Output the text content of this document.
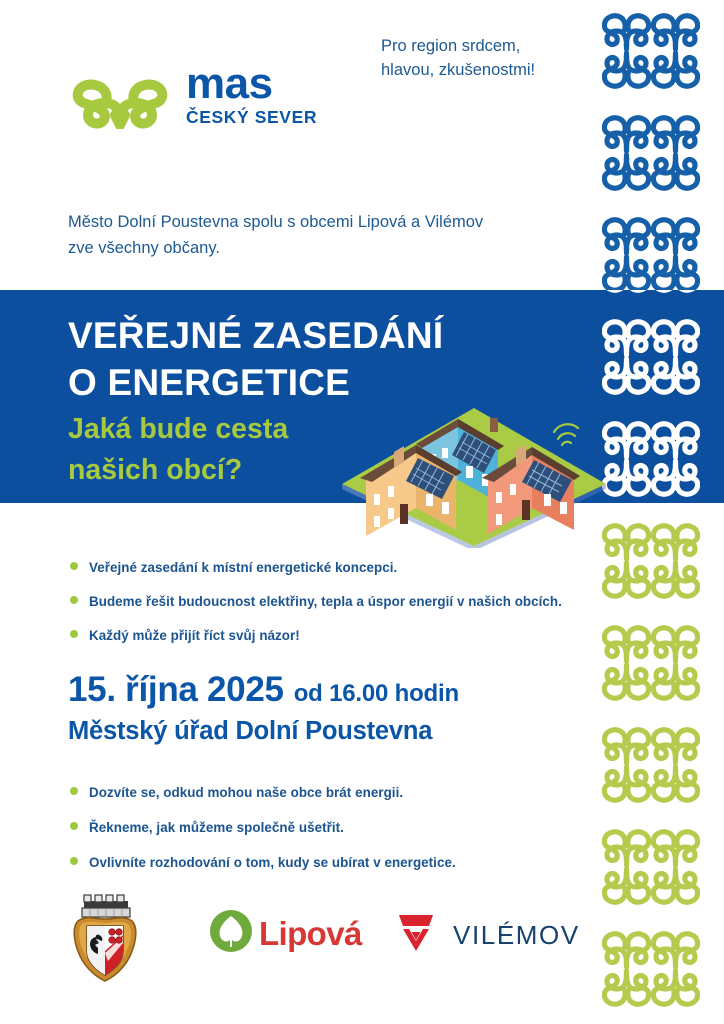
mas
ČESKÝ SEVER
Pro region srdcem,
hlavou, zkušenostmi!
Město Dolní Poustevna spolu s obcemi Lipová a Vilémov
zve všechny občany.
VEŘEJNÉ ZASEDÁNÍ
O ENERGETICE
Jaká bude cesta
našich obcí?
Veřejné zasedání k místní energetické koncepci.
Budeme řešit budoucnost elektřiny, tepla a úspor energií v našich obcích.
Každý může přijít říct svůj názor!
15. října 2025 od 16.00 hodin
Městský úřad Dolní Poustevna
Dozvíte se, odkud mohou naše obce brát energii.
Řekneme, jak můžeme společně ušetřit.
Ovlivníte rozhodování o tom, kudy se ubírat v energetice.
Lipová	VILÉMOV
